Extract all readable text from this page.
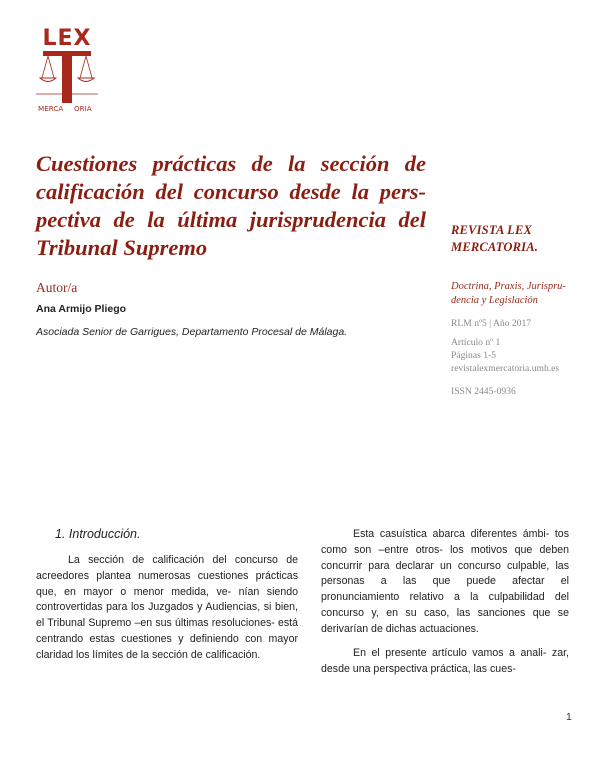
LEX
MERCA ORIA
Cuestiones prácticas de la sección de calificación del concurso desde la pers- pectiva de la última jurisprudencia del Tribunal Supremo
Autor/a
Ana Armijo Pliego
Asociada Senior de Garrigues, Departamento Procesal de Málaga.
REVISTA LEX MERCATORIA.
Doctrina, Praxis, Jurispru- dencia y Legislación
RLM nº5 | Año 2017
Artículo nº 1
Páginas 1-5
revistalexmercatoria.umh.es
ISSN 2445-0936
1. Introducción.

La sección de calificación del concurso de acreedores plantea numerosas cuestiones prácticas que, en mayor o menor medida, ve- nían siendo controvertidas para los Juzgados y Audiencias, si bien, el Tribunal Supremo –en sus últimas resoluciones- está centrando estas cuestiones y definiendo con mayor claridad los límites de la sección de calificación.

Esta casuística abarca diferentes ámbi- tos como son –entre otros- los motivos que deben concurrir para declarar un concurso culpable, las personas a las que puede afectar el pronunciamiento relativo a la culpabilidad del concurso y, en su caso, las sanciones que se derivarían de dichas actuaciones.

En el presente artículo vamos a anali- zar, desde una perspectiva práctica, las cues-

1
